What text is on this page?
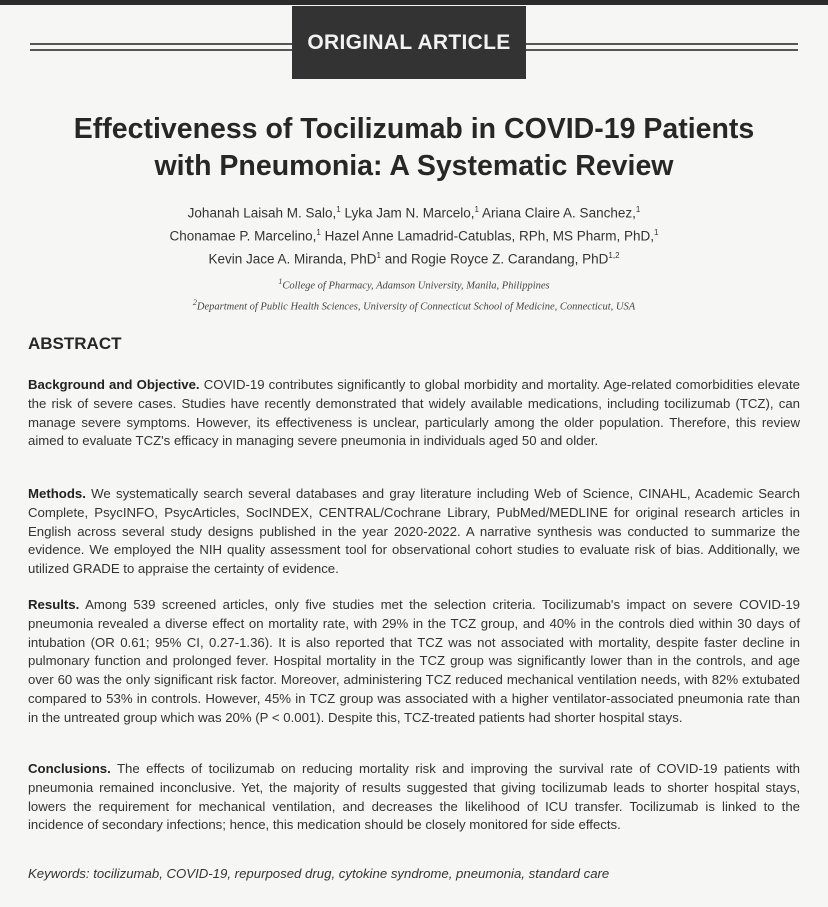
ORIGINAL ARTICLE
Effectiveness of Tocilizumab in COVID-19 Patients
with Pneumonia: A Systematic Review
Johanah Laisah M. Salo,$^1$ Lyka Jam N. Marcelo,$^1$ Ariana Claire A. Sanchez,$^1$
Chonamae P. Marcelino,$^1$ Hazel Anne Lamadrid-Catublas, RPh, MS Pharm, PhD,$^1$
Kevin Jace A. Miranda, PhD$^1$ and Rogie Royce Z. Carandang, PhD$^{1,2}$
$^1$College of Pharmacy, Adamson University, Manila, Philippines
$^2$Department of Public Health Sciences, University of Connecticut School of Medicine, Connecticut, USA
ABSTRACT

Background and Objective. COVID-19 contributes significantly to global morbidity and mortality. Age-related comorbidities elevate the risk of severe cases. Studies have recently demonstrated that widely available medications, including tocilizumab (TCZ), can manage severe symptoms. However, its effectiveness is unclear, particularly among the older population. Therefore, this review aimed to evaluate TCZ's efficacy in managing severe pneumonia in individuals aged 50 and older.

Methods. We systematically search several databases and gray literature including Web of Science, CINAHL, Academic Search Complete, PsycINFO, PsycArticles, SocINDEX, CENTRAL/Cochrane Library, PubMed/MEDLINE for original research articles in English across several study designs published in the year 2020-2022. A narrative synthesis was conducted to summarize the evidence. We employed the NIH quality assessment tool for observational cohort studies to evaluate risk of bias. Additionally, we utilized GRADE to appraise the certainty of evidence.

Results. Among 539 screened articles, only five studies met the selection criteria. Tocilizumab's impact on severe COVID-19 pneumonia revealed a diverse effect on mortality rate, with 29% in the TCZ group, and 40% in the controls died within 30 days of intubation (OR 0.61; 95% CI, 0.27-1.36). It is also reported that TCZ was not associated with mortality, despite faster decline in pulmonary function and prolonged fever. Hospital mortality in the TCZ group was significantly lower than in the controls, and age over 60 was the only significant risk factor. Moreover, administering TCZ reduced mechanical ventilation needs, with 82% extubated compared to 53% in controls. However, 45% in TCZ group was associated with a higher ventilator-associated pneumonia rate than in the untreated group which was 20% (P < 0.001). Despite this, TCZ-treated patients had shorter hospital stays.

Conclusions. The effects of tocilizumab on reducing mortality risk and improving the survival rate of COVID-19 patients with pneumonia remained inconclusive. Yet, the majority of results suggested that giving tocilizumab leads to shorter hospital stays, lowers the requirement for mechanical ventilation, and decreases the likelihood of ICU transfer. Tocilizumab is linked to the incidence of secondary infections; hence, this medication should be closely monitored for side effects.

Keywords: tocilizumab, COVID-19, repurposed drug, cytokine syndrome, pneumonia, standard care
